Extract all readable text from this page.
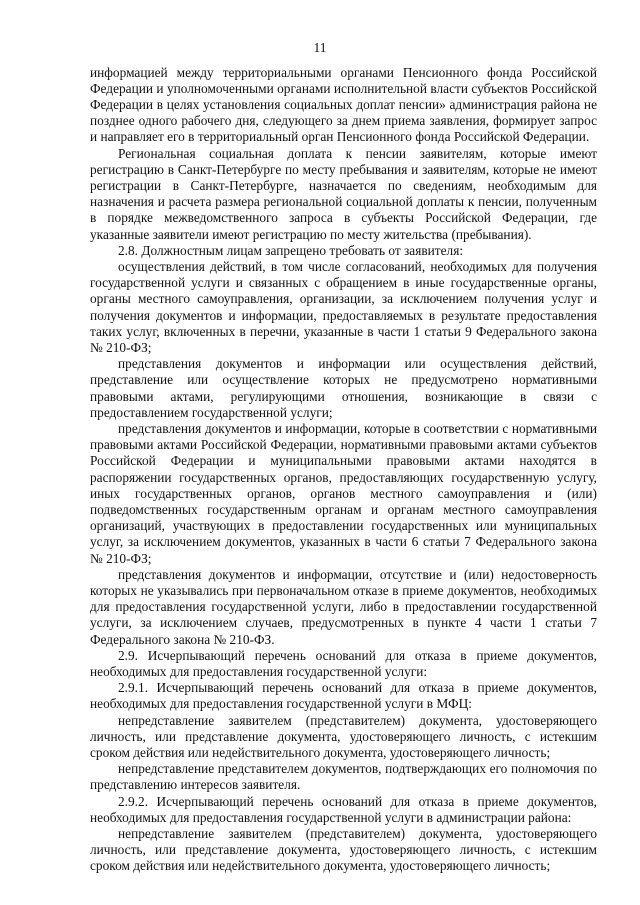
11

информацией между территориальными органами Пенсионного фонда Российской Федерации и уполномоченными органами исполнительной власти субъектов Российской Федерации в целях установления социальных доплат пенсии» администрация района не позднее одного рабочего дня, следующего за днем приема заявления, формирует запрос и направляет его в территориальный орган Пенсионного фонда Российской Федерации.

Региональная социальная доплата к пенсии заявителям, которые имеют регистрацию в Санкт-Петербурге по месту пребывания и заявителям, которые не имеют регистрации в Санкт-Петербурге, назначается по сведениям, необходимым для назначения и расчета размера региональной социальной доплаты к пенсии, полученным в порядке межведомственного запроса в субъекты Российской Федерации, где указанные заявители имеют регистрацию по месту жительства (пребывания).

2.8. Должностным лицам запрещено требовать от заявителя:

осуществления действий, в том числе согласований, необходимых для получения государственной услуги и связанных с обращением в иные государственные органы, органы местного самоуправления, организации, за исключением получения услуг и получения документов и информации, предоставляемых в результате предоставления таких услуг, включенных в перечни, указанные в части 1 статьи 9 Федерального закона № 210-ФЗ;

представления документов и информации или осуществления действий, представление или осуществление которых не предусмотрено нормативными правовыми актами, регулирующими отношения, возникающие в связи с предоставлением государственной услуги;

представления документов и информации, которые в соответствии с нормативными правовыми актами Российской Федерации, нормативными правовыми актами субъектов Российской Федерации и муниципальными правовыми актами находятся в распоряжении государственных органов, предоставляющих государственную услугу, иных государственных органов, органов местного самоуправления и (или) подведомственных государственным органам и органам местного самоуправления организаций, участвующих в предоставлении государственных или муниципальных услуг, за исключением документов, указанных в части 6 статьи 7 Федерального закона № 210-ФЗ;

представления документов и информации, отсутствие и (или) недостоверность которых не указывались при первоначальном отказе в приеме документов, необходимых для предоставления государственной услуги, либо в предоставлении государственной услуги, за исключением случаев, предусмотренных в пункте 4 части 1 статьи 7 Федерального закона № 210-ФЗ.

2.9. Исчерпывающий перечень оснований для отказа в приеме документов, необходимых для предоставления государственной услуги:

2.9.1. Исчерпывающий перечень оснований для отказа в приеме документов, необходимых для предоставления государственной услуги в МФЦ:

непредставление заявителем (представителем) документа, удостоверяющего личность, или представление документа, удостоверяющего личность, с истекшим сроком действия или недействительного документа, удостоверяющего личность;

непредставление представителем документов, подтверждающих его полномочия по представлению интересов заявителя.

2.9.2. Исчерпывающий перечень оснований для отказа в приеме документов, необходимых для предоставления государственной услуги в администрации района:

непредставление заявителем (представителем) документа, удостоверяющего личность, или представление документа, удостоверяющего личность, с истекшим сроком действия или недействительного документа, удостоверяющего личность;
